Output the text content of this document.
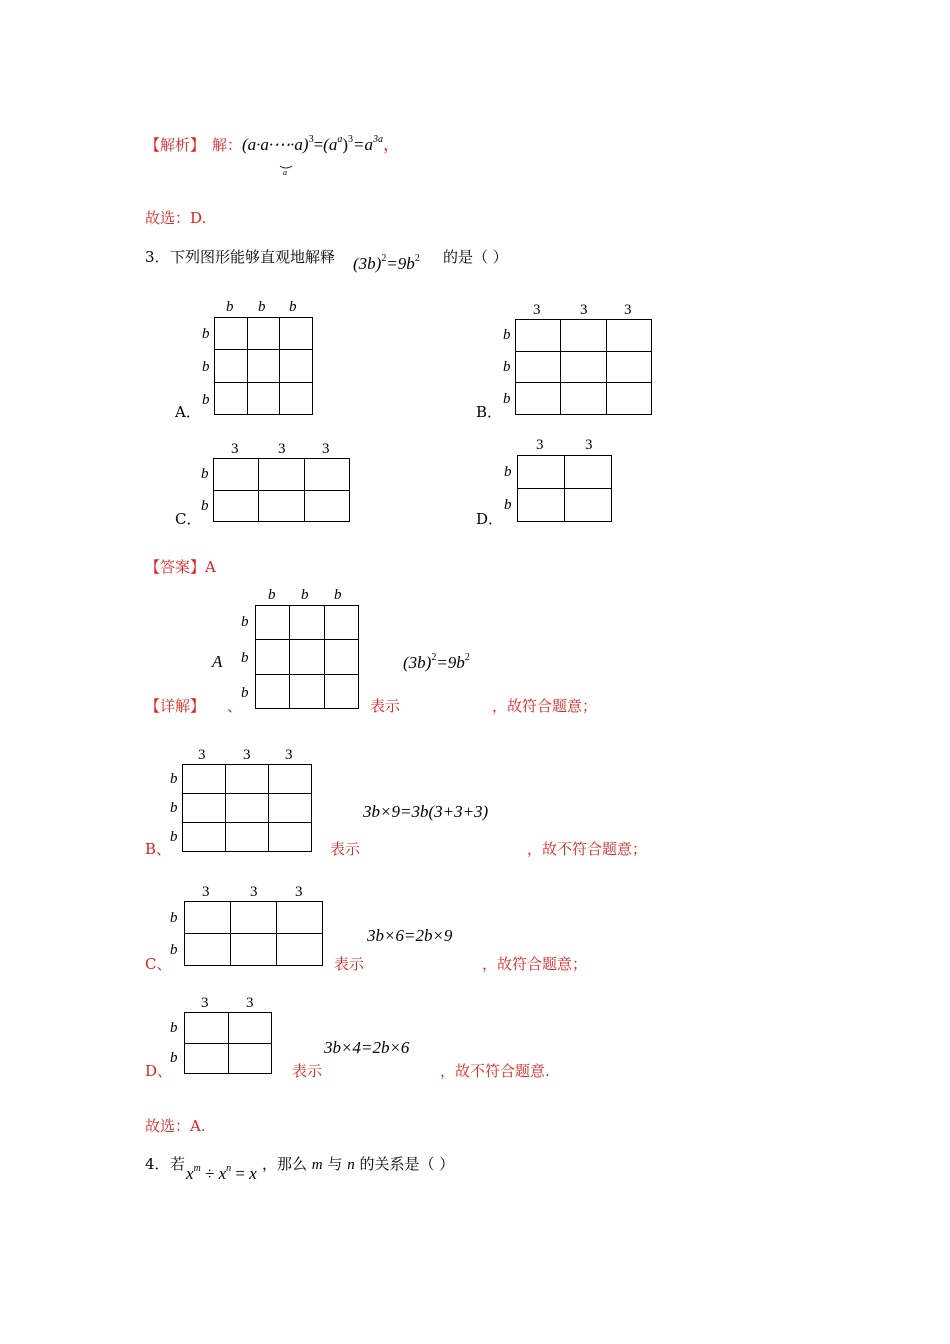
【解析】 解： $(a\cdot a\cdot\cdots\cdot a)^3=(a^a)^3=a^{3a}$，
a
故选：D.
3． 下列图形能够直观地解释 $(3b)^2=9b^2$ 的是（ ）

b b b
b
b
b
A．

3	3 3
b
b
b
B．

3	3 3
b
b
C．

3	3
b
b
D．
【答案】A

b b b
b
b
b
A	$(3b)^2=9b^2$
【详解】 、	表示	，故符合题意；

3	3 3
b
b
b
3b×9=3b(3+3+3)
B、	表示	，故不符合题意；

3	3	3
b
b
3b×6=2b×9
C、	表示	，故符合题意；

3	3
b
b
3b×4=2b×6
D、	表示	，故不符合题意.
故选：A.
4． 若 $x^m \div x^n = x$ ，那么 m 与 n 的关系是（ ）
